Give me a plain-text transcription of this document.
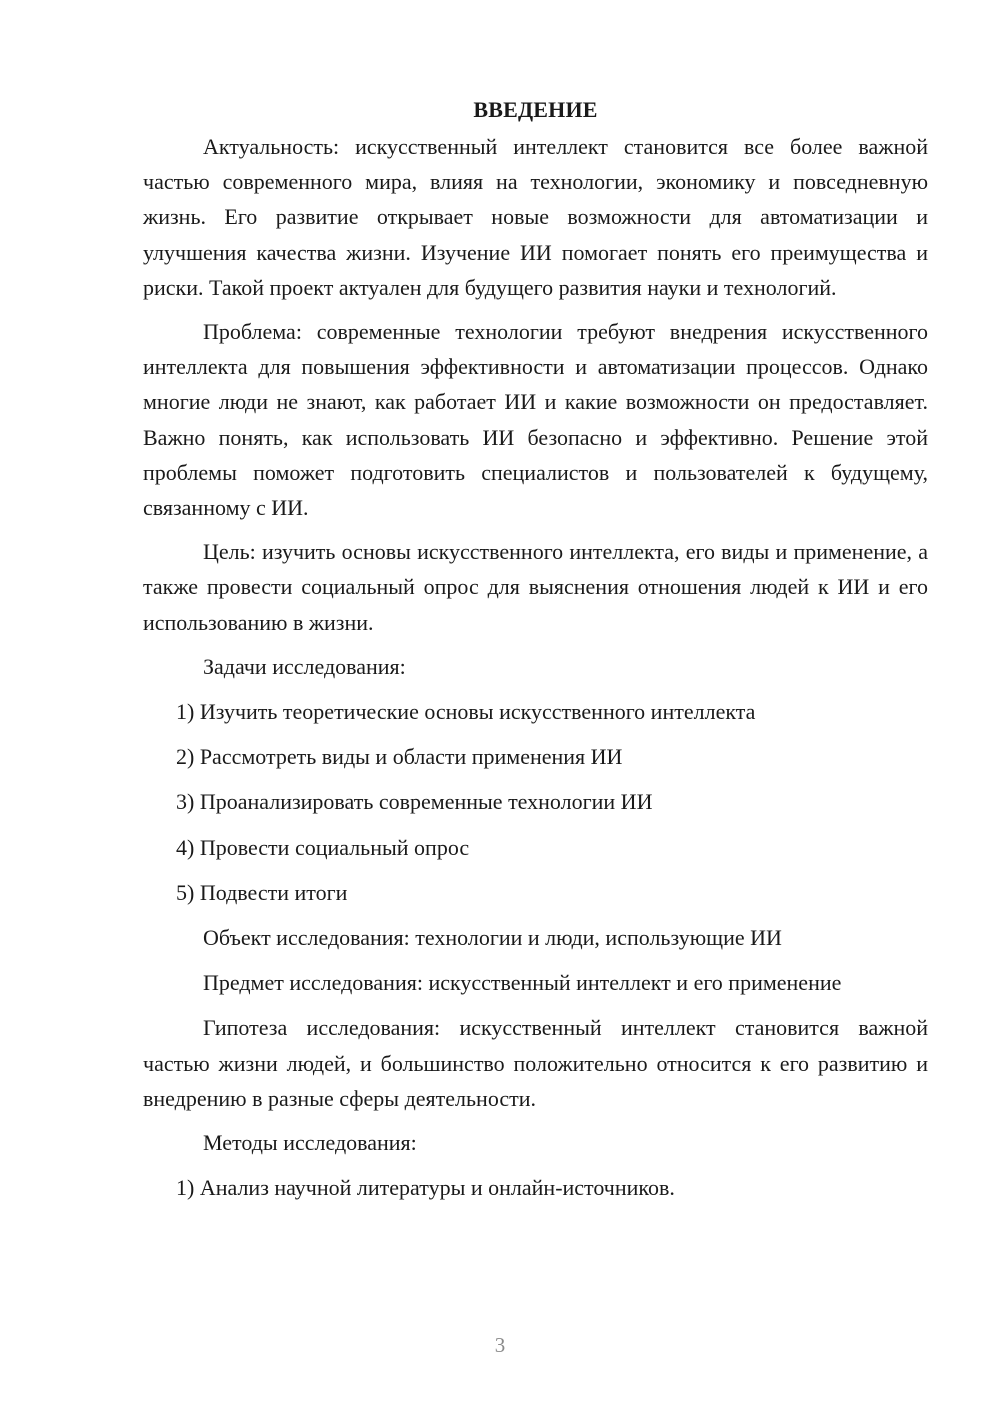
ВВЕДЕНИЕ

Актуальность: искусственный интеллект становится все более важной частью современного мира, влияя на технологии, экономику и повседневную жизнь. Его развитие открывает новые возможности для автоматизации и улучшения качества жизни. Изучение ИИ помогает понять его преимущества и риски. Такой проект актуален для будущего развития науки и технологий.

Проблема: современные технологии требуют внедрения искусственного интеллекта для повышения эффективности и автоматизации процессов. Однако многие люди не знают, как работает ИИ и какие возможности он предоставляет. Важно понять, как использовать ИИ безопасно и эффективно. Решение этой проблемы поможет подготовить специалистов и пользователей к будущему, связанному с ИИ.

Цель: изучить основы искусственного интеллекта, его виды и применение, а также провести социальный опрос для выяснения отношения людей к ИИ и его использованию в жизни.

Задачи исследования:
1) Изучить теоретические основы искусственного интеллекта
2) Рассмотреть виды и области применения ИИ
3) Проанализировать современные технологии ИИ
4) Провести социальный опрос
5) Подвести итоги
Объект исследования: технологии и люди, использующие ИИ
Предмет исследования: искусственный интеллект и его применение

Гипотеза исследования: искусственный интеллект становится важной частью жизни людей, и большинство положительно относится к его развитию и внедрению в разные сферы деятельности.

Методы исследования:
1) Анализ научной литературы и онлайн-источников.
3
